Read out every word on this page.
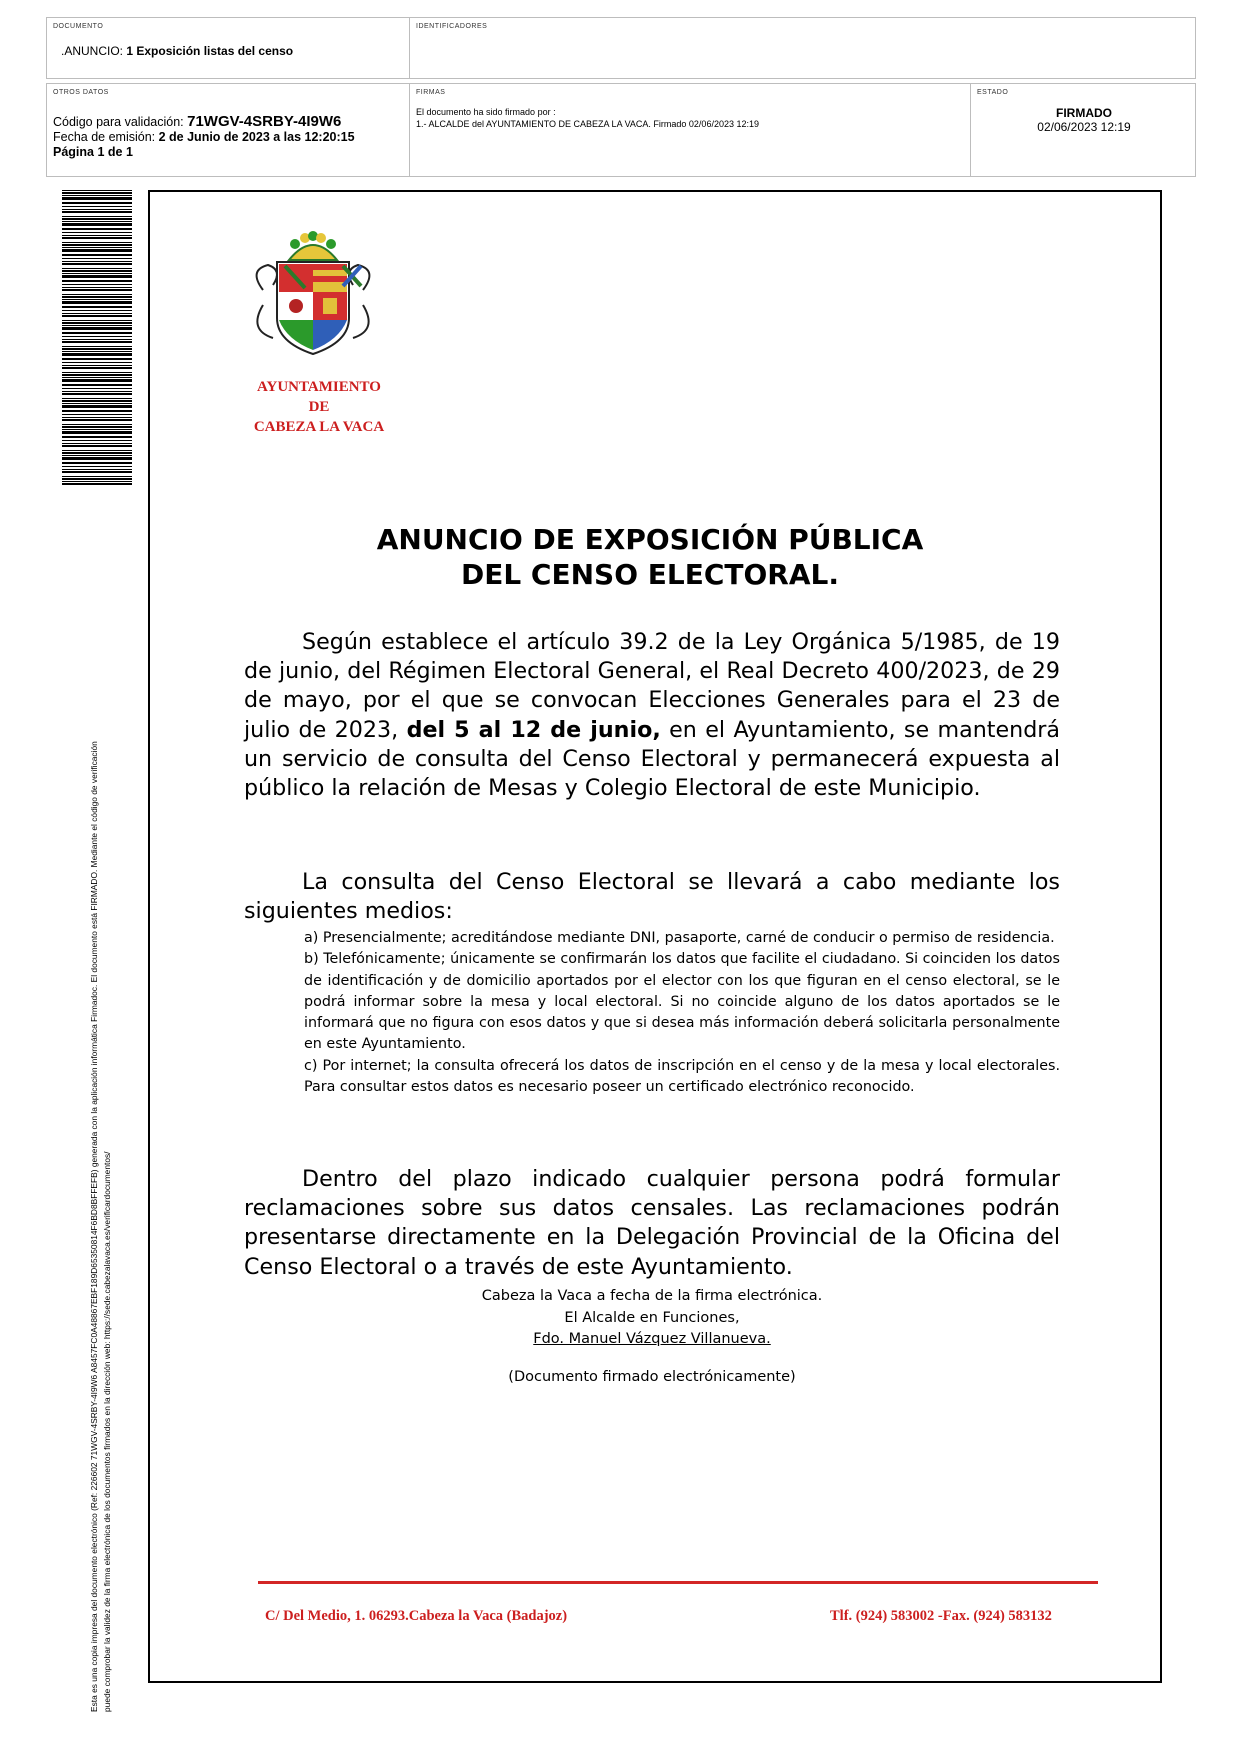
DOCUMENTO
.ANUNCIO: 1 Exposición listas del censo
IDENTIFICADORES
OTROS DATOS
Código para validación: 71WGV-4SRBY-4I9W6
Fecha de emisión: 2 de Junio de 2023 a las 12:20:15
Página 1 de 1
FIRMAS
El documento ha sido firmado por :
1.- ALCALDE del AYUNTAMIENTO DE CABEZA LA VACA. Firmado 02/06/2023 12:19
ESTADO
FIRMADO
02/06/2023 12:19
Esta es una copia impresa del documento electrónico (Ref: 226602 71WGV-4SRBY-4I9W6 A8457FC0A48867EBF189D65350814F6BD8BFFEFB) generada con la aplicación informática Firmadoc. El documento está FIRMADO. Mediante el código de verificación puede comprobar la validez de la firma electrónica de los documentos firmados en la dirección web: https://sede.cabezalavaca.es/verificardocumentos/
AYUNTAMIENTO
DE
CABEZA LA VACA
ANUNCIO DE EXPOSICIÓN PÚBLICA
DEL CENSO ELECTORAL.

Según establece el artículo 39.2 de la Ley Orgánica 5/1985, de 19 de junio, del Régimen Electoral General, el Real Decreto 400/2023, de 29 de mayo, por el que se convocan Elecciones Generales para el 23 de julio de 2023, del 5 al 12 de junio, en el Ayuntamiento, se mantendrá un servicio de consulta del Censo Electoral y permanecerá expuesta al público la relación de Mesas y Colegio Electoral de este Municipio.

La consulta del Censo Electoral se llevará a cabo mediante los siguientes medios:

a) Presencialmente; acreditándose mediante DNI, pasaporte, carné de conducir o permiso de residencia.

b) Telefónicamente; únicamente se confirmarán los datos que facilite el ciudadano. Si coinciden los datos de identificación y de domicilio aportados por el elector con los que figuran en el censo electoral, se le podrá informar sobre la mesa y local electoral. Si no coincide alguno de los datos aportados se le informará que no figura con esos datos y que si desea más información deberá solicitarla personalmente en este Ayuntamiento.

c) Por internet; la consulta ofrecerá los datos de inscripción en el censo y de la mesa y local electorales. Para consultar estos datos es necesario poseer un certificado electrónico reconocido.

Dentro del plazo indicado cualquier persona podrá formular reclamaciones sobre sus datos censales. Las reclamaciones podrán presentarse directamente en la Delegación Provincial de la Oficina del Censo Electoral o a través de este Ayuntamiento.

Cabeza la Vaca a fecha de la firma electrónica.
El Alcalde en Funciones,
Fdo. Manuel Vázquez Villanueva.
(Documento firmado electrónicamente)
C/ Del Medio, 1. 06293.Cabeza la Vaca (Badajoz)	Tlf. (924) 583002 -Fax. (924) 583132
